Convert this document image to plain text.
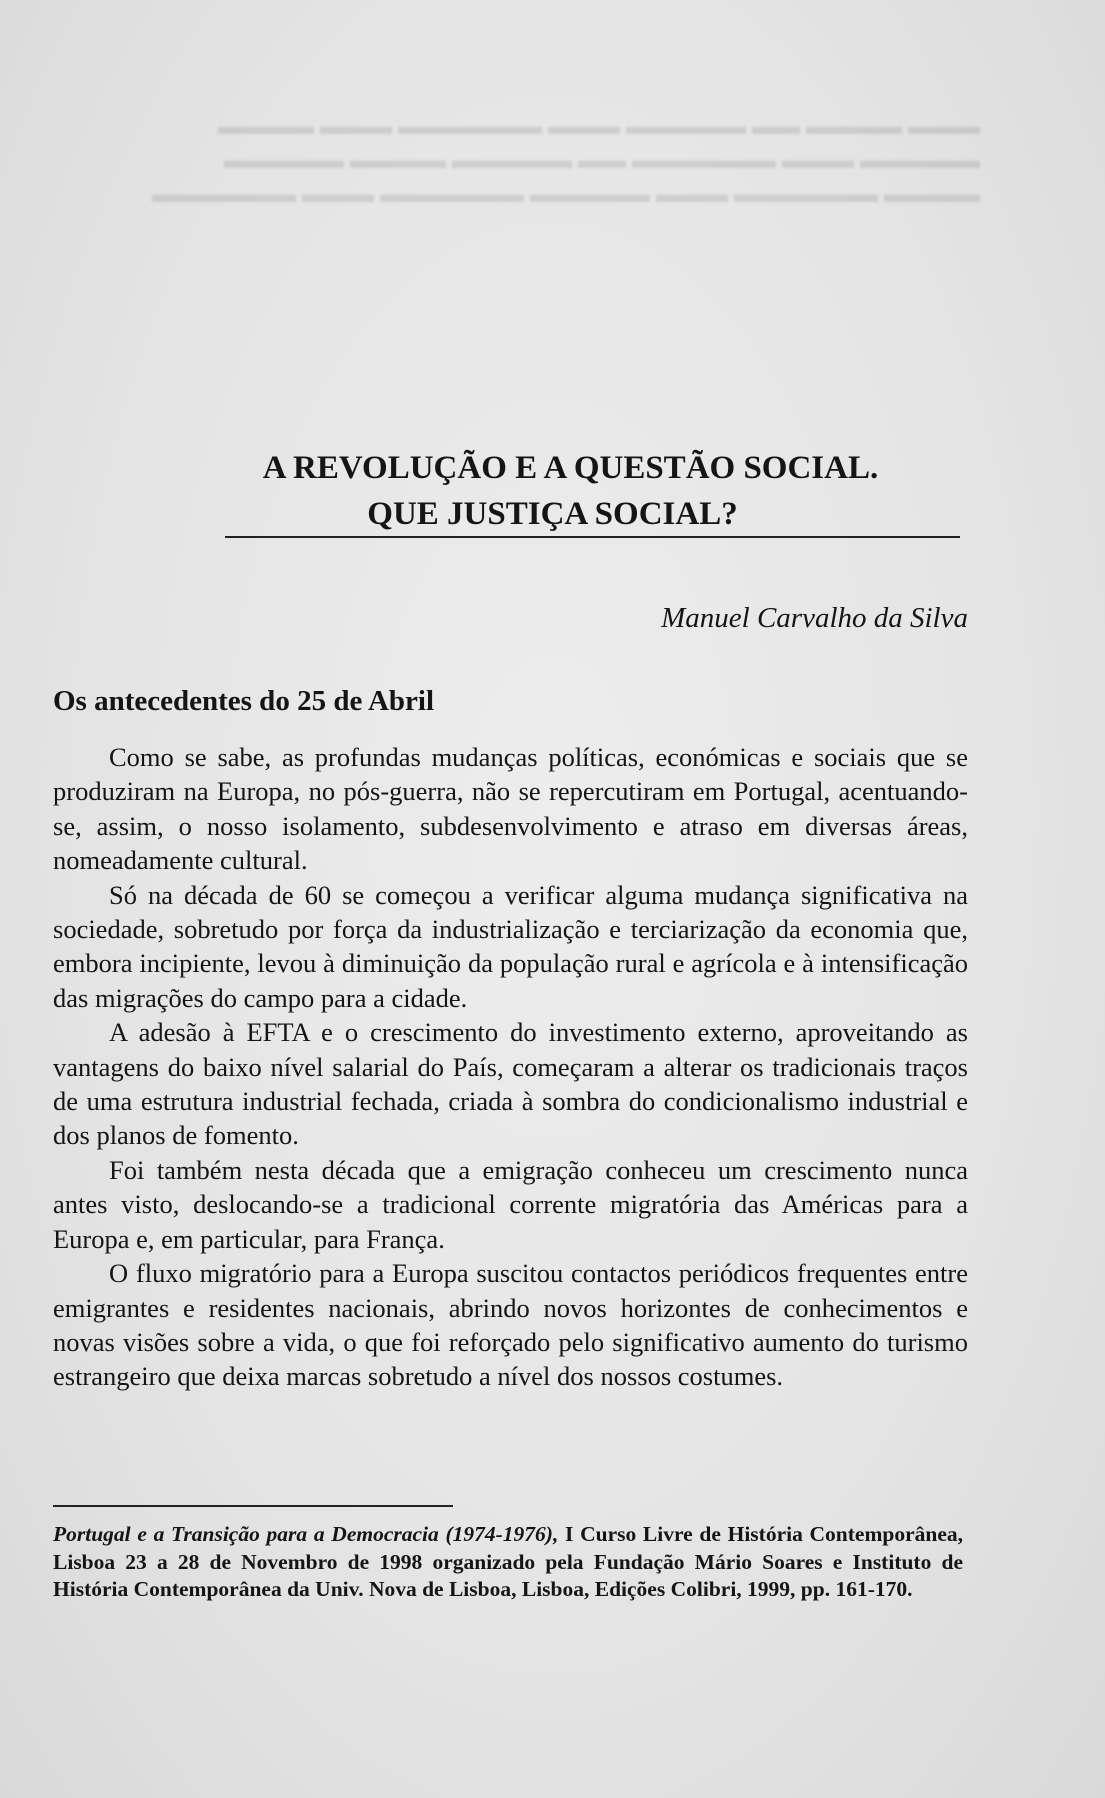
▬▬▬ ▬▬▬▬ ▬▬ ▬▬▬▬▬ ▬▬▬ ▬▬▬▬▬▬ ▬▬▬ ▬▬▬▬

▬▬▬▬▬ ▬▬▬ ▬▬▬▬▬▬ ▬▬ ▬▬▬▬▬ ▬▬▬▬ ▬▬▬▬▬

▬▬▬▬ ▬▬▬▬▬▬ ▬▬▬ ▬▬▬▬▬ ▬▬▬▬▬▬ ▬▬▬ ▬▬▬▬▬▬

A REVOLUÇÃO E A QUESTÃO SOCIAL.
QUE JUSTIÇA SOCIAL?
Manuel Carvalho da Silva
Os antecedentes do 25 de Abril

Como se sabe, as profundas mudanças políticas, económicas e sociais que se produziram na Europa, no pós-guerra, não se repercutiram em Portugal, acentuando-se, assim, o nosso isolamento, subdesenvolvimento e atraso em diversas áreas, nomeadamente cultural.

Só na década de 60 se começou a verificar alguma mudança significativa na sociedade, sobretudo por força da industrialização e terciarização da economia que, embora incipiente, levou à diminuição da população rural e agrícola e à intensificação das migrações do campo para a cidade.

A adesão à EFTA e o crescimento do investimento externo, aproveitando as vantagens do baixo nível salarial do País, começaram a alterar os tradicionais traços de uma estrutura industrial fechada, criada à sombra do condicionalismo industrial e dos planos de fomento.

Foi também nesta década que a emigração conheceu um crescimento nunca antes visto, deslocando-se a tradicional corrente migratória das Américas para a Europa e, em particular, para França.

O fluxo migratório para a Europa suscitou contactos periódicos frequentes entre emigrantes e residentes nacionais, abrindo novos horizontes de conhecimentos e novas visões sobre a vida, o que foi reforçado pelo significativo aumento do turismo estrangeiro que deixa marcas sobretudo a nível dos nossos costumes.

Portugal e a Transição para a Democracia (1974-1976), I Curso Livre de História Contemporânea, Lisboa 23 a 28 de Novembro de 1998 organizado pela Fundação Mário Soares e Instituto de História Contemporânea da Univ. Nova de Lisboa, Lisboa, Edições Colibri, 1999, pp. 161-170.
